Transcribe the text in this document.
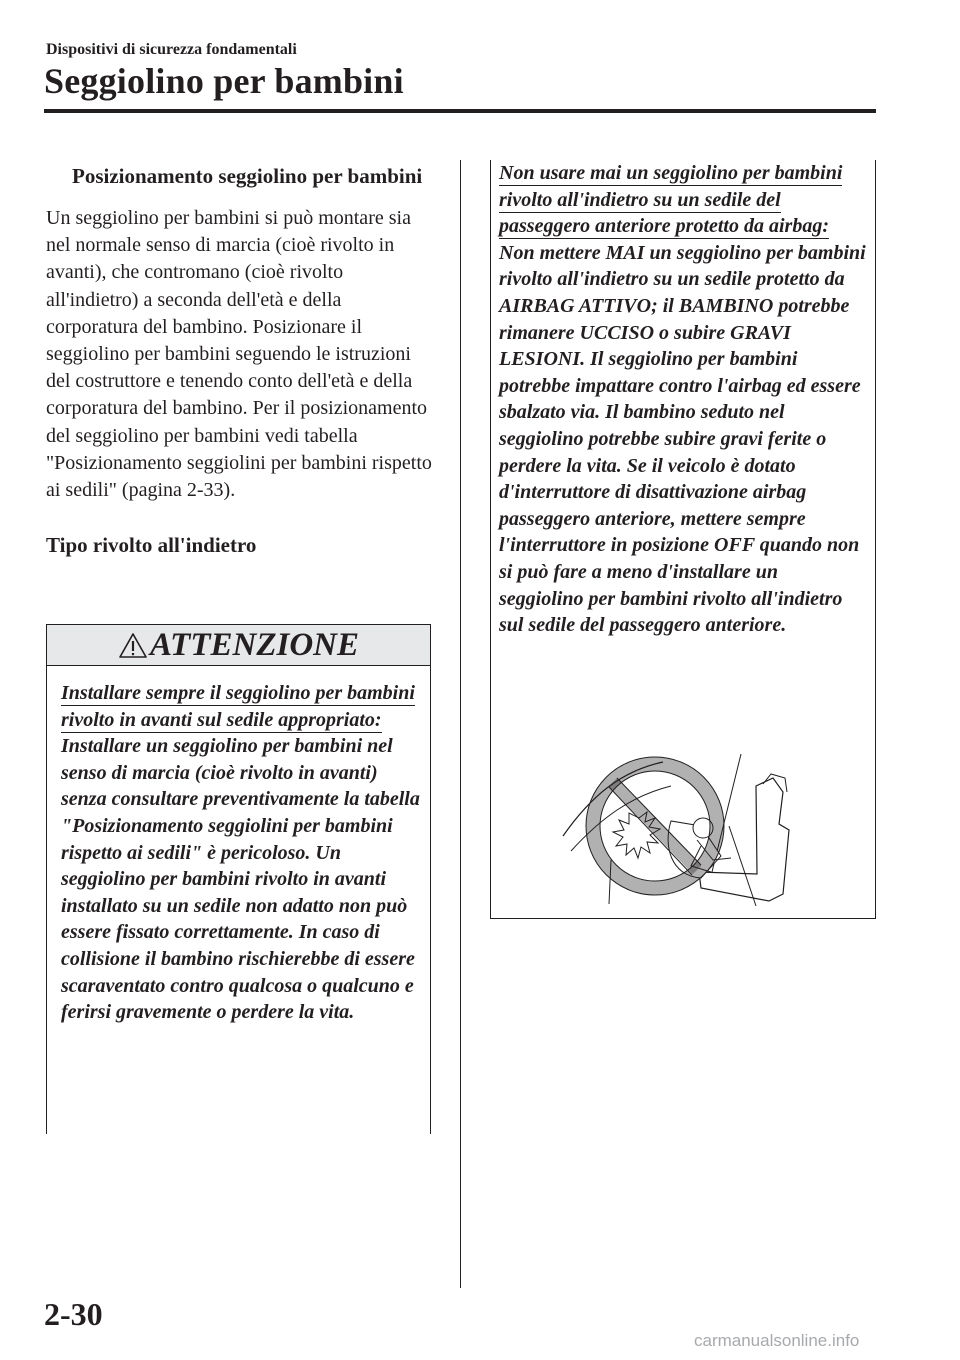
Dispositivi di sicurezza fondamentali
Seggiolino per bambini
Posizionamento seggiolino per bambini
Un seggiolino per bambini si può montare sia nel normale senso di marcia (cioè rivolto in avanti), che contromano (cioè rivolto all'indietro) a seconda dell'età e della corporatura del bambino. Posizionare il seggiolino per bambini seguendo le istruzioni del costruttore e tenendo conto dell'età e della corporatura del bambino. Per il posizionamento del seggiolino per bambini vedi tabella "Posizionamento seggiolini per bambini rispetto ai sedili" (pagina 2-33).
Tipo rivolto all'indietro
ATTENZIONE
Installare sempre il seggiolino per bambini rivolto in avanti sul sedile appropriato:
Installare un seggiolino per bambini nel senso di marcia (cioè rivolto in avanti) senza consultare preventivamente la tabella "Posizionamento seggiolini per bambini rispetto ai sedili" è pericoloso. Un seggiolino per bambini rivolto in avanti installato su un sedile non adatto non può essere fissato correttamente. In caso di collisione il bambino rischierebbe di essere scaraventato contro qualcosa o qualcuno e ferirsi gravemente o perdere la vita.
Non usare mai un seggiolino per bambini rivolto all'indietro su un sedile del passeggero anteriore protetto da airbag:
Non mettere MAI un seggiolino per bambini rivolto all'indietro su un sedile protetto da AIRBAG ATTIVO; il BAMBINO potrebbe rimanere UCCISO o subire GRAVI LESIONI. Il seggiolino per bambini potrebbe impattare contro l'airbag ed essere sbalzato via. Il bambino seduto nel seggiolino potrebbe subire gravi ferite o perdere la vita. Se il veicolo è dotato d'interruttore di disattivazione airbag passeggero anteriore, mettere sempre l'interruttore in posizione OFF quando non si può fare a meno d'installare un seggiolino per bambini rivolto all'indietro sul sedile del passeggero anteriore.
2-30
carmanualsonline.info
